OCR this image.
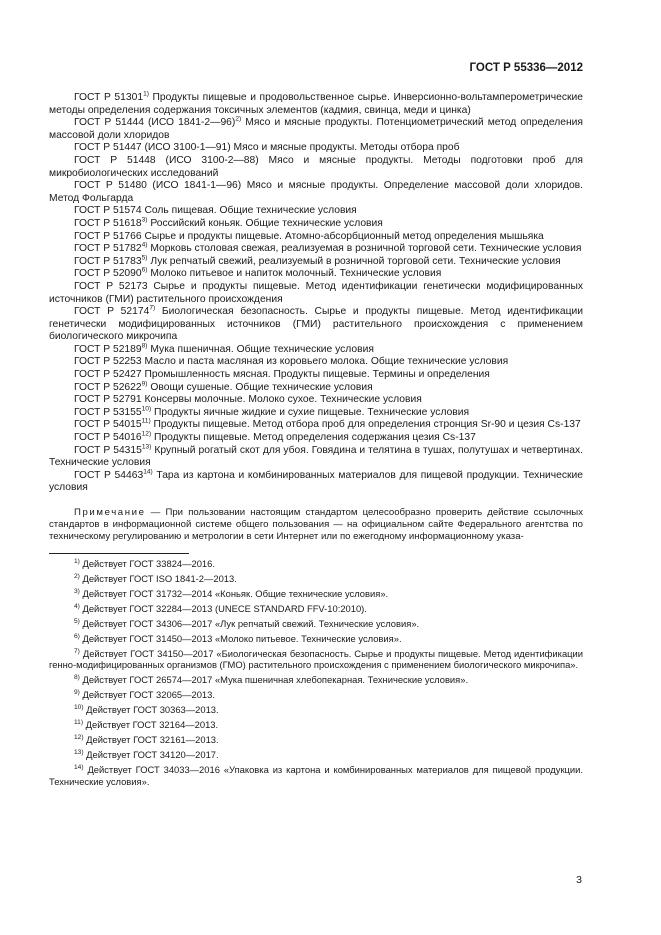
ГОСТ Р 55336—2012

ГОСТ Р 51301$^{1)}$ Продукты пищевые и продовольственное сырье. Инверсионно-вольтамперометрические методы определения содержания токсичных элементов (кадмия, свинца, меди и цинка)

ГОСТ Р 51444 (ИСО 1841-2—96)$^{2)}$ Мясо и мясные продукты. Потенциометрический метод определения массовой доли хлоридов

ГОСТ Р 51447 (ИСО 3100-1—91) Мясо и мясные продукты. Методы отбора проб

ГОСТ Р 51448 (ИСО 3100-2—88) Мясо и мясные продукты. Методы подготовки проб для микробиологических исследований

ГОСТ Р 51480 (ИСО 1841-1—96) Мясо и мясные продукты. Определение массовой доли хлоридов. Метод Фольгарда

ГОСТ Р 51574 Соль пищевая. Общие технические условия

ГОСТ Р 51618$^{3)}$ Российский коньяк. Общие технические условия

ГОСТ Р 51766 Сырье и продукты пищевые. Атомно-абсорбционный метод определения мышьяка

ГОСТ Р 51782$^{4)}$ Морковь столовая свежая, реализуемая в розничной торговой сети. Технические условия

ГОСТ Р 51783$^{5)}$ Лук репчатый свежий, реализуемый в розничной торговой сети. Технические условия

ГОСТ Р 52090$^{6)}$ Молоко питьевое и напиток молочный. Технические условия

ГОСТ Р 52173 Сырье и продукты пищевые. Метод идентификации генетически модифицированных источников (ГМИ) растительного происхождения

ГОСТ Р 52174$^{7)}$ Биологическая безопасность. Сырье и продукты пищевые. Метод идентификации генетически модифицированных источников (ГМИ) растительного происхождения с применением биологического микрочипа

ГОСТ Р 52189$^{8)}$ Мука пшеничная. Общие технические условия

ГОСТ Р 52253 Масло и паста масляная из коровьего молока. Общие технические условия

ГОСТ Р 52427 Промышленность мясная. Продукты пищевые. Термины и определения

ГОСТ Р 52622$^{9)}$ Овощи сушеные. Общие технические условия

ГОСТ Р 52791 Консервы молочные. Молоко сухое. Технические условия

ГОСТ Р 53155$^{10)}$ Продукты яичные жидкие и сухие пищевые. Технические условия

ГОСТ Р 54015$^{11)}$ Продукты пищевые. Метод отбора проб для определения стронция Sr-90 и цезия Cs-137

ГОСТ Р 54016$^{12)}$ Продукты пищевые. Метод определения содержания цезия Cs-137

ГОСТ Р 54315$^{13)}$ Крупный рогатый скот для убоя. Говядина и телятина в тушах, полутушах и четвертинах. Технические условия

ГОСТ Р 54463$^{14)}$ Тара из картона и комбинированных материалов для пищевой продукции. Технические условия

Примечание — При пользовании настоящим стандартом целесообразно проверить действие ссылочных стандартов в информационной системе общего пользования — на официальном сайте Федерального агентства по техническому регулированию и метрологии в сети Интернет или по ежегодному информационному указа-

$^{1)}$ Действует ГОСТ 33824—2016.

$^{2)}$ Действует ГОСТ ISO 1841-2—2013.

$^{3)}$ Действует ГОСТ 31732—2014 «Коньяк. Общие технические условия».

$^{4)}$ Действует ГОСТ 32284—2013 (UNECE STANDARD FFV-10:2010).

$^{5)}$ Действует ГОСТ 34306—2017 «Лук репчатый свежий. Технические условия».

$^{6)}$ Действует ГОСТ 31450—2013 «Молоко питьевое. Технические условия».

$^{7)}$ Действует ГОСТ 34150—2017 «Биологическая безопасность. Сырье и продукты пищевые. Метод идентификации генно-модифицированных организмов (ГМО) растительного происхождения с применением биологического микрочипа».

$^{8)}$ Действует ГОСТ 26574—2017 «Мука пшеничная хлебопекарная. Технические условия».

$^{9)}$ Действует ГОСТ 32065—2013.

$^{10)}$ Действует ГОСТ 30363—2013.

$^{11)}$ Действует ГОСТ 32164—2013.

$^{12)}$ Действует ГОСТ 32161—2013.

$^{13)}$ Действует ГОСТ 34120—2017.

$^{14)}$ Действует ГОСТ 34033—2016 «Упаковка из картона и комбинированных материалов для пищевой продукции. Технические условия».

3
